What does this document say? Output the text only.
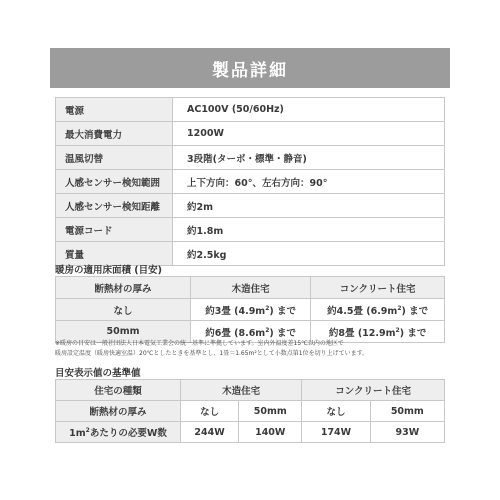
製品詳細
電源	AC100V (50/60Hz)
最大消費電力	1200W
温風切替	3段階(ターボ・標準・静音)
人感センサー検知範囲	上下方向：60°、左右方向：90°
人感センサー検知距離	約2m
電源コード	約1.8m
質量	約2.5kg
暖房の適用床面積 (目安)
断熱材の厚み	木造住宅	コンクリート住宅
なし	約3畳 $(4.9m^2)$ まで	約4.5畳 $(6.9m^2)$ まで
50mm	約6畳 $(8.6m^2)$ まで	約8畳 $(12.9m^2)$ まで
※暖房の目安は一般社団法人日本電気工業会の統一基準に準拠しています。室内外温度差15℃以内の地区で
暖房設定温度（暖房快適室温）20℃としたときを基準とし、1畳＝1.65m²として小数点第1位を切り上げています。
目安表示値の基準値
住宅の種類	木造住宅		コンクリート住宅	
断熱材の厚み	なし	50mm	なし	50mm
$1m^2$あたりの必要W数	244W	140W	174W	93W
